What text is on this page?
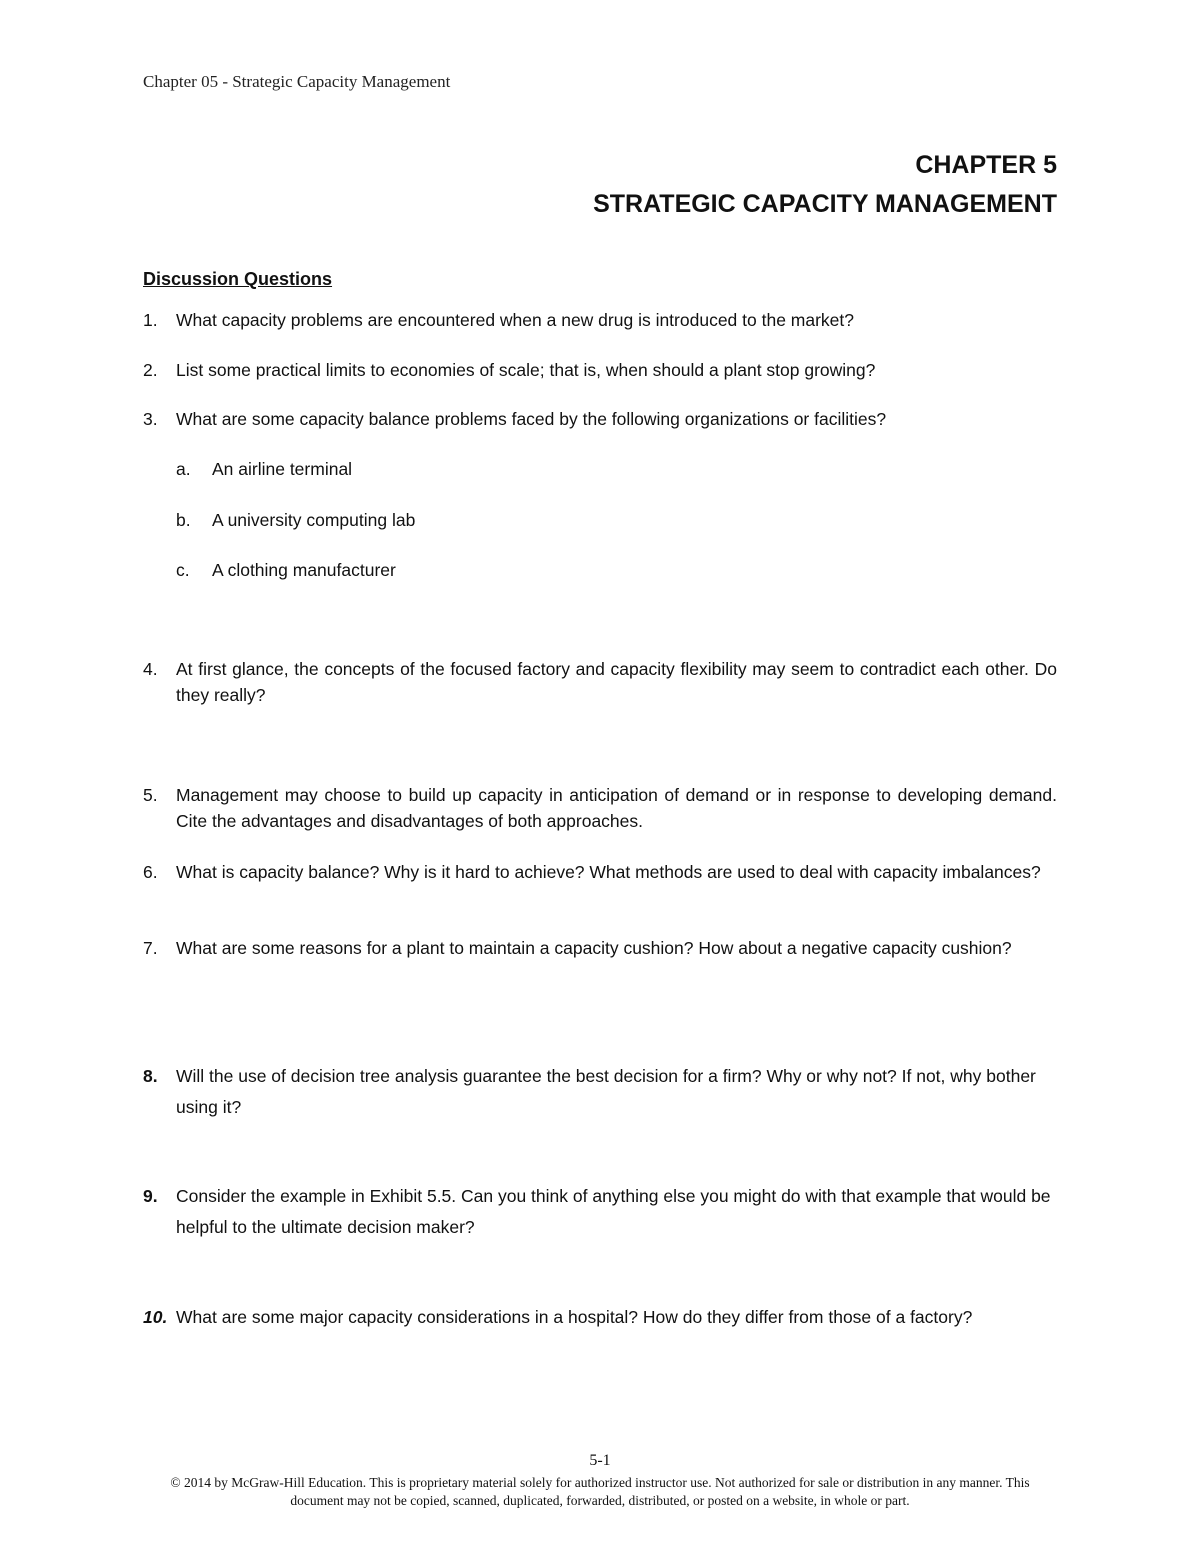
Chapter 05 - Strategic Capacity Management
CHAPTER 5
STRATEGIC CAPACITY MANAGEMENT
Discussion Questions
1.	What capacity problems are encountered when a new drug is introduced to the market?
2.	List some practical limits to economies of scale; that is, when should a plant stop growing?
3.	What are some capacity balance problems faced by the following organizations or facilities?
a. An airline terminal
b. A university computing lab
c. A clothing manufacturer
4.	At first glance, the concepts of the focused factory and capacity flexibility may seem to contradict each other. Do they really?
5.	Management may choose to build up capacity in anticipation of demand or in response to developing demand. Cite the advantages and disadvantages of both approaches.
6.	What is capacity balance? Why is it hard to achieve? What methods are used to deal with capacity imbalances?
7.	What are some reasons for a plant to maintain a capacity cushion? How about a negative capacity cushion?
8.	Will the use of decision tree analysis guarantee the best decision for a firm? Why or why not? If not, why bother using it?
9.	Consider the example in Exhibit 5.5. Can you think of anything else you might do with that example that would be helpful to the ultimate decision maker?
10. What are some major capacity considerations in a hospital? How do they differ from those of a factory?
5-1
© 2014 by McGraw-Hill Education. This is proprietary material solely for authorized instructor use. Not authorized for sale or distribution in any manner. This document may not be copied, scanned, duplicated, forwarded, distributed, or posted on a website, in whole or part.
